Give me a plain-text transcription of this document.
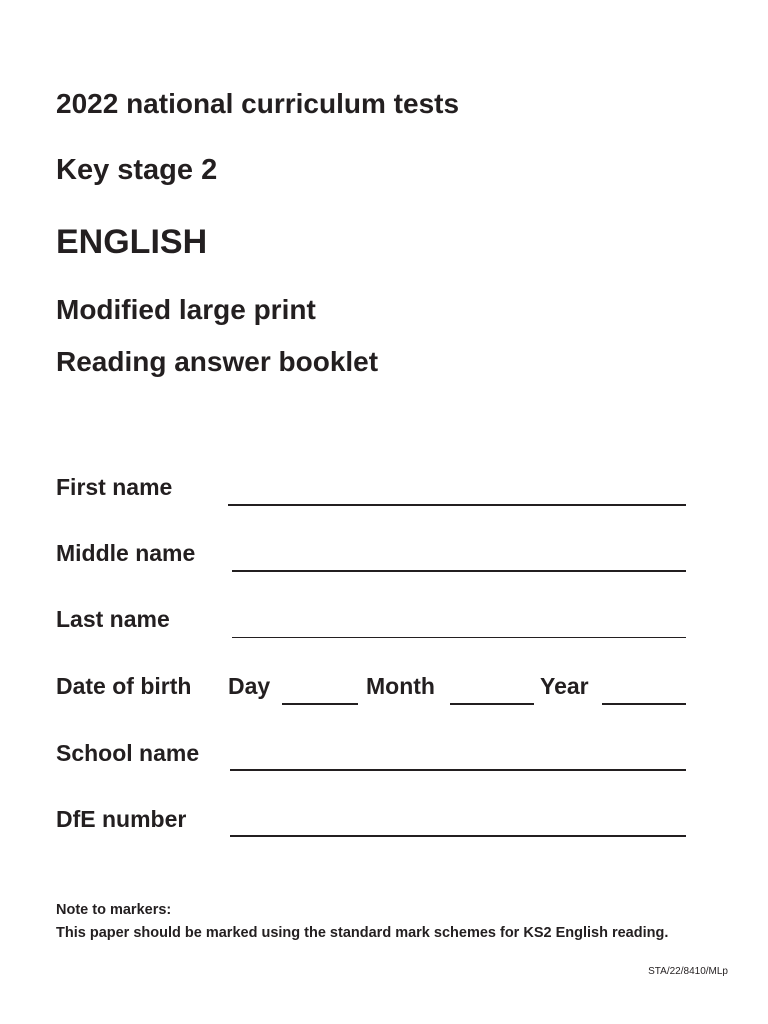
2022 national curriculum tests
Key stage 2
ENGLISH
Modified large print
Reading answer booklet
First name
Middle name
Last name
Date of birth Day	Month	Year
School name
DfE number
Note to markers:
This paper should be marked using the standard mark schemes for KS2 English reading.
STA/22/8410/MLp
